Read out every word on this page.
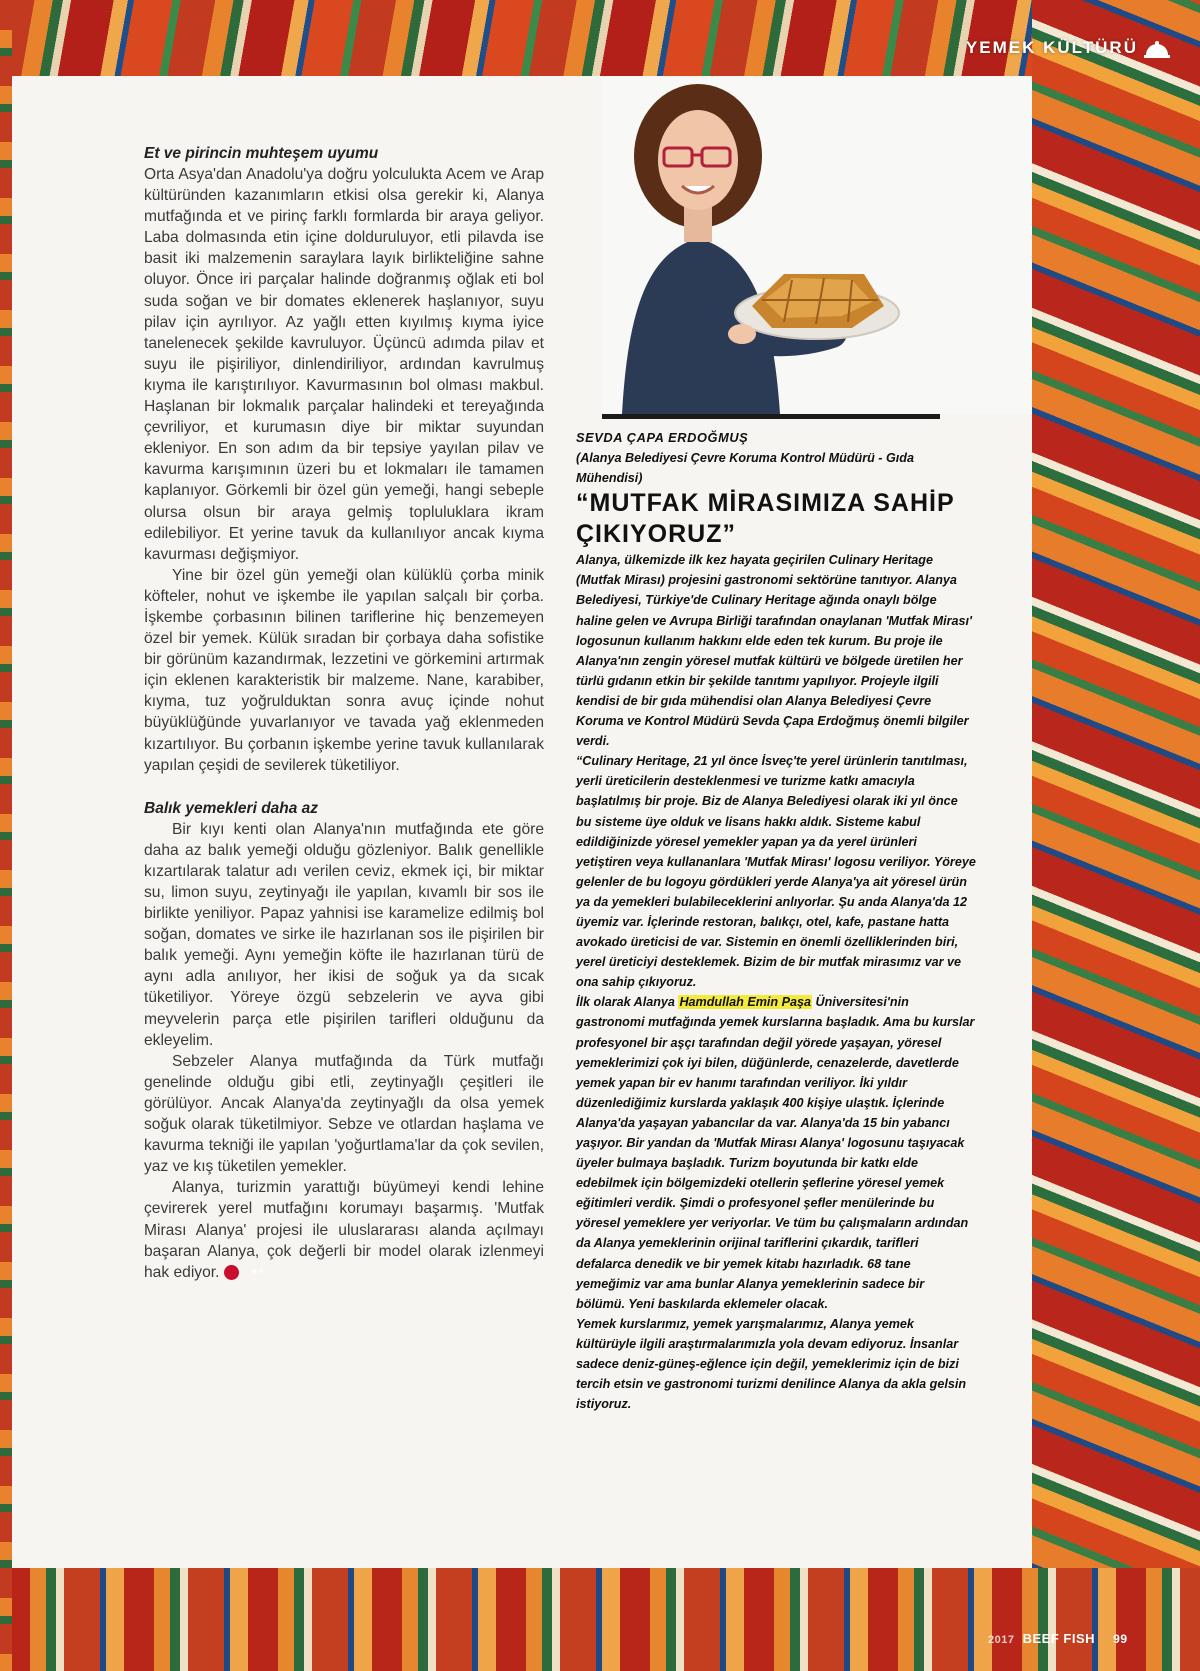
YEMEK KÜLTÜRÜ
Et ve pirincin muhteşem uyumu

Orta Asya'dan Anadolu'ya doğru yolculukta Acem ve Arap kültüründen kazanımların etkisi olsa gerekir ki, Alanya mutfağında et ve pirinç farklı formlarda bir araya geliyor. Laba dolmasında etin içine dolduruluyor, etli pilavda ise basit iki malzemenin saraylara layık birlikteliğine sahne oluyor. Önce iri parçalar halinde doğranmış oğlak eti bol suda soğan ve bir domates eklenerek haşlanıyor, suyu pilav için ayrılıyor. Az yağlı etten kıyılmış kıyma iyice tanelenecek şekilde kavruluyor. Üçüncü adımda pilav et suyu ile pişiriliyor, dinlendiriliyor, ardından kavrulmuş kıyma ile karıştırılıyor. Kavurmasının bol olması makbul. Haşlanan bir lokmalık parçalar halindeki et tereyağında çevriliyor, et kurumasın diye bir miktar suyundan ekleniyor. En son adım da bir tepsiye yayılan pilav ve kavurma karışımının üzeri bu et lokmaları ile tamamen kaplanıyor. Görkemli bir özel gün yemeği, hangi sebeple olursa olsun bir araya gelmiş topluluklara ikram edilebiliyor. Et yerine tavuk da kullanılıyor ancak kıyma kavurması değişmiyor.

Yine bir özel gün yemeği olan külüklü çorba minik köfteler, nohut ve işkembe ile yapılan salçalı bir çorba. İşkembe çorbasının bilinen tariflerine hiç benzemeyen özel bir yemek. Külük sıradan bir çorbaya daha sofistike bir görünüm kazandırmak, lezzetini ve görkemini artırmak için eklenen karakteristik bir malzeme. Nane, karabiber, kıyma, tuz yoğrulduktan sonra avuç içinde nohut büyüklüğünde yuvarlanıyor ve tavada yağ eklenmeden kızartılıyor. Bu çorbanın işkembe yerine tavuk kullanılarak yapılan çeşidi de sevilerek tüketiliyor.

Balık yemekleri daha az

Bir kıyı kenti olan Alanya'nın mutfağında ete göre daha az balık yemeği olduğu gözleniyor. Balık genellikle kızartılarak talatur adı verilen ceviz, ekmek içi, bir miktar su, limon suyu, zeytinyağı ile yapılan, kıvamlı bir sos ile birlikte yeniliyor. Papaz yahnisi ise karamelize edilmiş bol soğan, domates ve sirke ile hazırlanan sos ile pişirilen bir balık yemeği. Aynı yemeğin köfte ile hazırlanan türü de aynı adla anılıyor, her ikisi de soğuk ya da sıcak tüketiliyor. Yöreye özgü sebzelerin ve ayva gibi meyvelerin parça etle pişirilen tarifleri olduğunu da ekleyelim.

Sebzeler Alanya mutfağında da Türk mutfağı genelinde olduğu gibi etli, zeytinyağlı çeşitleri ile görülüyor. Ancak Alanya'da zeytinyağlı da olsa yemek soğuk olarak tüketilmiyor. Sebze ve otlardan haşlama ve kavurma tekniği ile yapılan 'yoğurtlama'lar da çok sevilen, yaz ve kış tüketilen yemekler.

Alanya, turizmin yarattığı büyümeyi kendi lehine çevirerek yerel mutfağını korumayı başarmış. 'Mutfak Mirası Alanya' projesi ile uluslararası alanda açılmayı başaran Alanya, çok değerli bir model olarak izlenmeyi hak ediyor.	B·F

SEVDA ÇAPA ERDOĞMUŞ

(Alanya Belediyesi Çevre Koruma Kontrol Müdürü - Gıda Mühendisi)

“MUTFAK MİRASIMIZA SAHİP ÇIKIYORUZ”

Alanya, ülkemizde ilk kez hayata geçirilen Culinary Heritage (Mutfak Mirası) projesini gastronomi sektörüne tanıtıyor. Alanya Belediyesi, Türkiye'de Culinary Heritage ağında onaylı bölge haline gelen ve Avrupa Birliği tarafından onaylanan 'Mutfak Mirası' logosunun kullanım hakkını elde eden tek kurum. Bu proje ile Alanya'nın zengin yöresel mutfak kültürü ve bölgede üretilen her türlü gıdanın etkin bir şekilde tanıtımı yapılıyor. Projeyle ilgili kendisi de bir gıda mühendisi olan Alanya Belediyesi Çevre Koruma ve Kontrol Müdürü Sevda Çapa Erdoğmuş önemli bilgiler verdi.

“Culinary Heritage, 21 yıl önce İsveç'te yerel ürünlerin tanıtılması, yerli üreticilerin desteklenmesi ve turizme katkı amacıyla başlatılmış bir proje. Biz de Alanya Belediyesi olarak iki yıl önce bu sisteme üye olduk ve lisans hakkı aldık. Sisteme kabul edildiğinizde yöresel yemekler yapan ya da yerel ürünleri yetiştiren veya kullananlara 'Mutfak Mirası' logosu veriliyor. Yöreye gelenler de bu logoyu gördükleri yerde Alanya'ya ait yöresel ürün ya da yemekleri bulabileceklerini anlıyorlar. Şu anda Alanya'da 12 üyemiz var. İçlerinde restoran, balıkçı, otel, kafe, pastane hatta avokado üreticisi de var. Sistemin en önemli özelliklerinden biri, yerel üreticiyi desteklemek. Bizim de bir mutfak mirasımız var ve ona sahip çıkıyoruz.

İlk olarak Alanya Hamdullah Emin Paşa Üniversitesi'nin gastronomi mutfağında yemek kurslarına başladık. Ama bu kurslar profesyonel bir aşçı tarafından değil yörede yaşayan, yöresel yemeklerimizi çok iyi bilen, düğünlerde, cenazelerde, davetlerde yemek yapan bir ev hanımı tarafından veriliyor. İki yıldır düzenlediğimiz kurslarda yaklaşık 400 kişiye ulaştık. İçlerinde Alanya'da yaşayan yabancılar da var. Alanya'da 15 bin yabancı yaşıyor. Bir yandan da 'Mutfak Mirası Alanya' logosunu taşıyacak üyeler bulmaya başladık. Turizm boyutunda bir katkı elde edebilmek için bölgemizdeki otellerin şeflerine yöresel yemek eğitimleri verdik. Şimdi o profesyonel şefler menülerinde bu yöresel yemeklere yer veriyorlar. Ve tüm bu çalışmaların ardından da Alanya yemeklerinin orijinal tariflerini çıkardık, tarifleri defalarca denedik ve bir yemek kitabı hazırladık. 68 tane yemeğimiz var ama bunlar Alanya yemeklerinin sadece bir bölümü. Yeni baskılarda eklemeler olacak.

Yemek kurslarımız, yemek yarışmalarımız, Alanya yemek kültürüyle ilgili araştırmalarımızla yola devam ediyoruz. İnsanlar sadece deniz-güneş-eğlence için değil, yemeklerimiz için de bizi tercih etsin ve gastronomi turizmi denilince Alanya da akla gelsin istiyoruz.

2017 BEEF FISH 99
